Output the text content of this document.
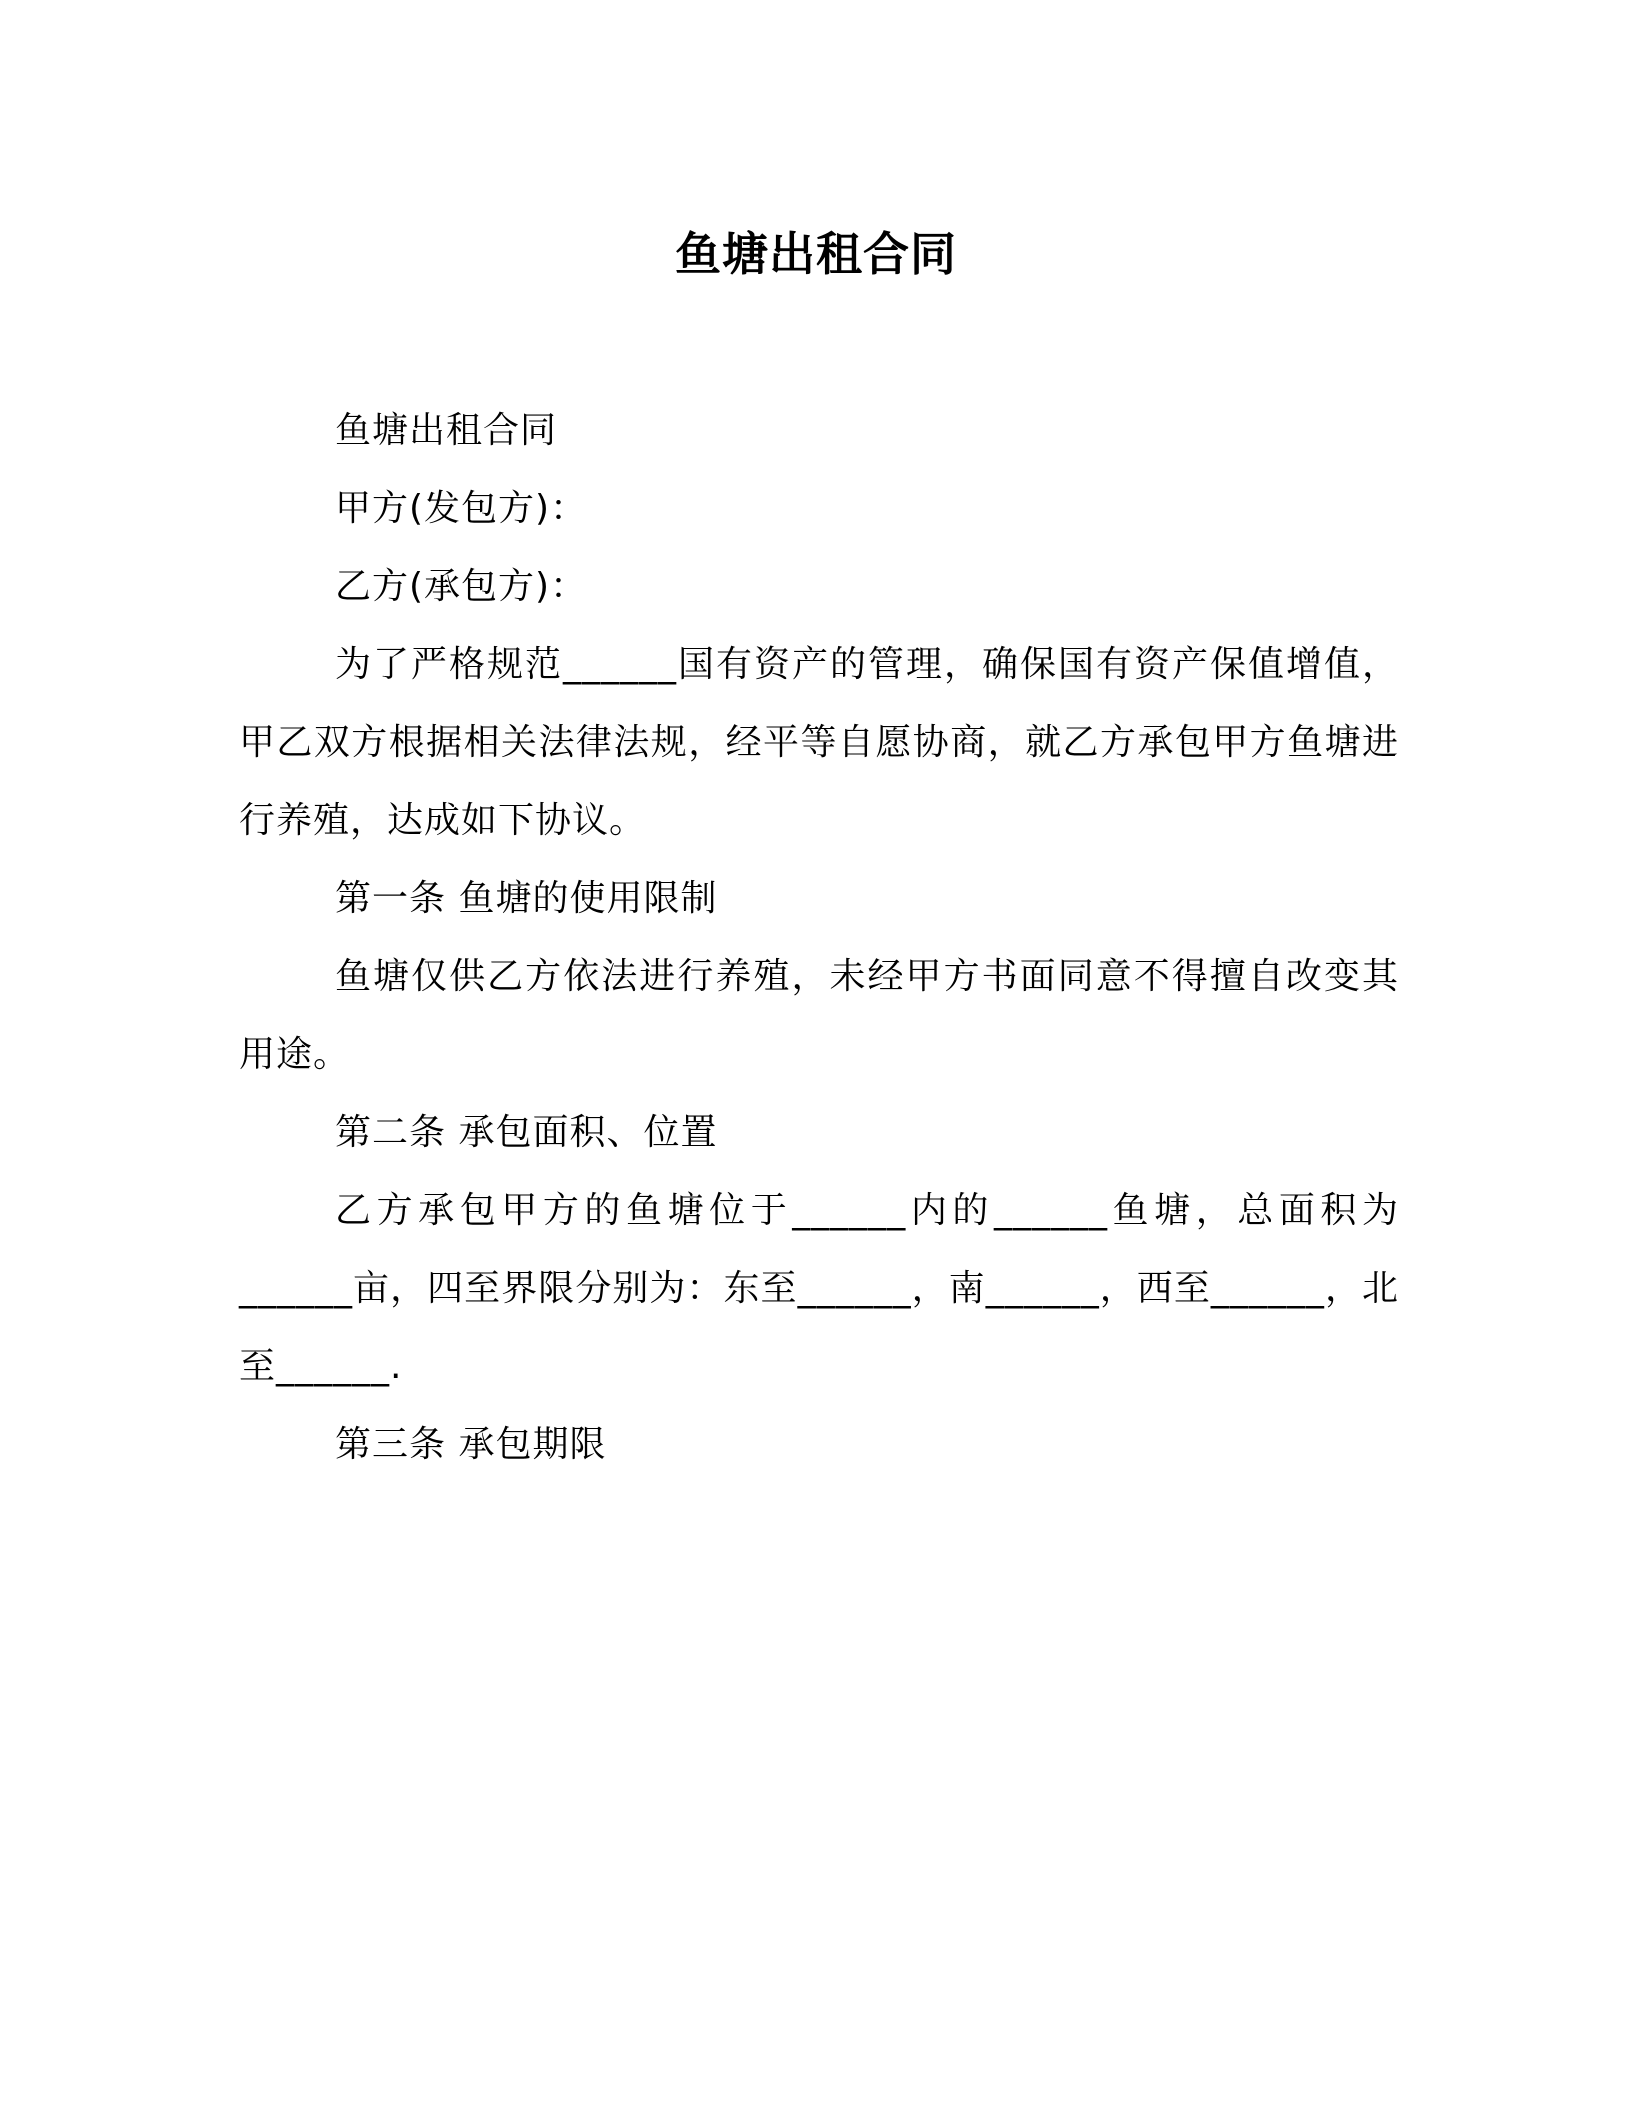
鱼塘出租合同

鱼塘出租合同

甲方(发包方)：

乙方(承包方)：

为了严格规范______国有资产的管理，确保国有资产保值增值，甲乙双方根据相关法律法规，经平等自愿协商，就乙方承包甲方鱼塘进行养殖，达成如下协议。

第一条 鱼塘的使用限制

鱼塘仅供乙方依法进行养殖，未经甲方书面同意不得擅自改变其用途。

第二条 承包面积、位置

乙方承包甲方的鱼塘位于______内的______鱼塘，总面积为______亩，四至界限分别为：东至______，南______，西至______，北至______.

第三条 承包期限
